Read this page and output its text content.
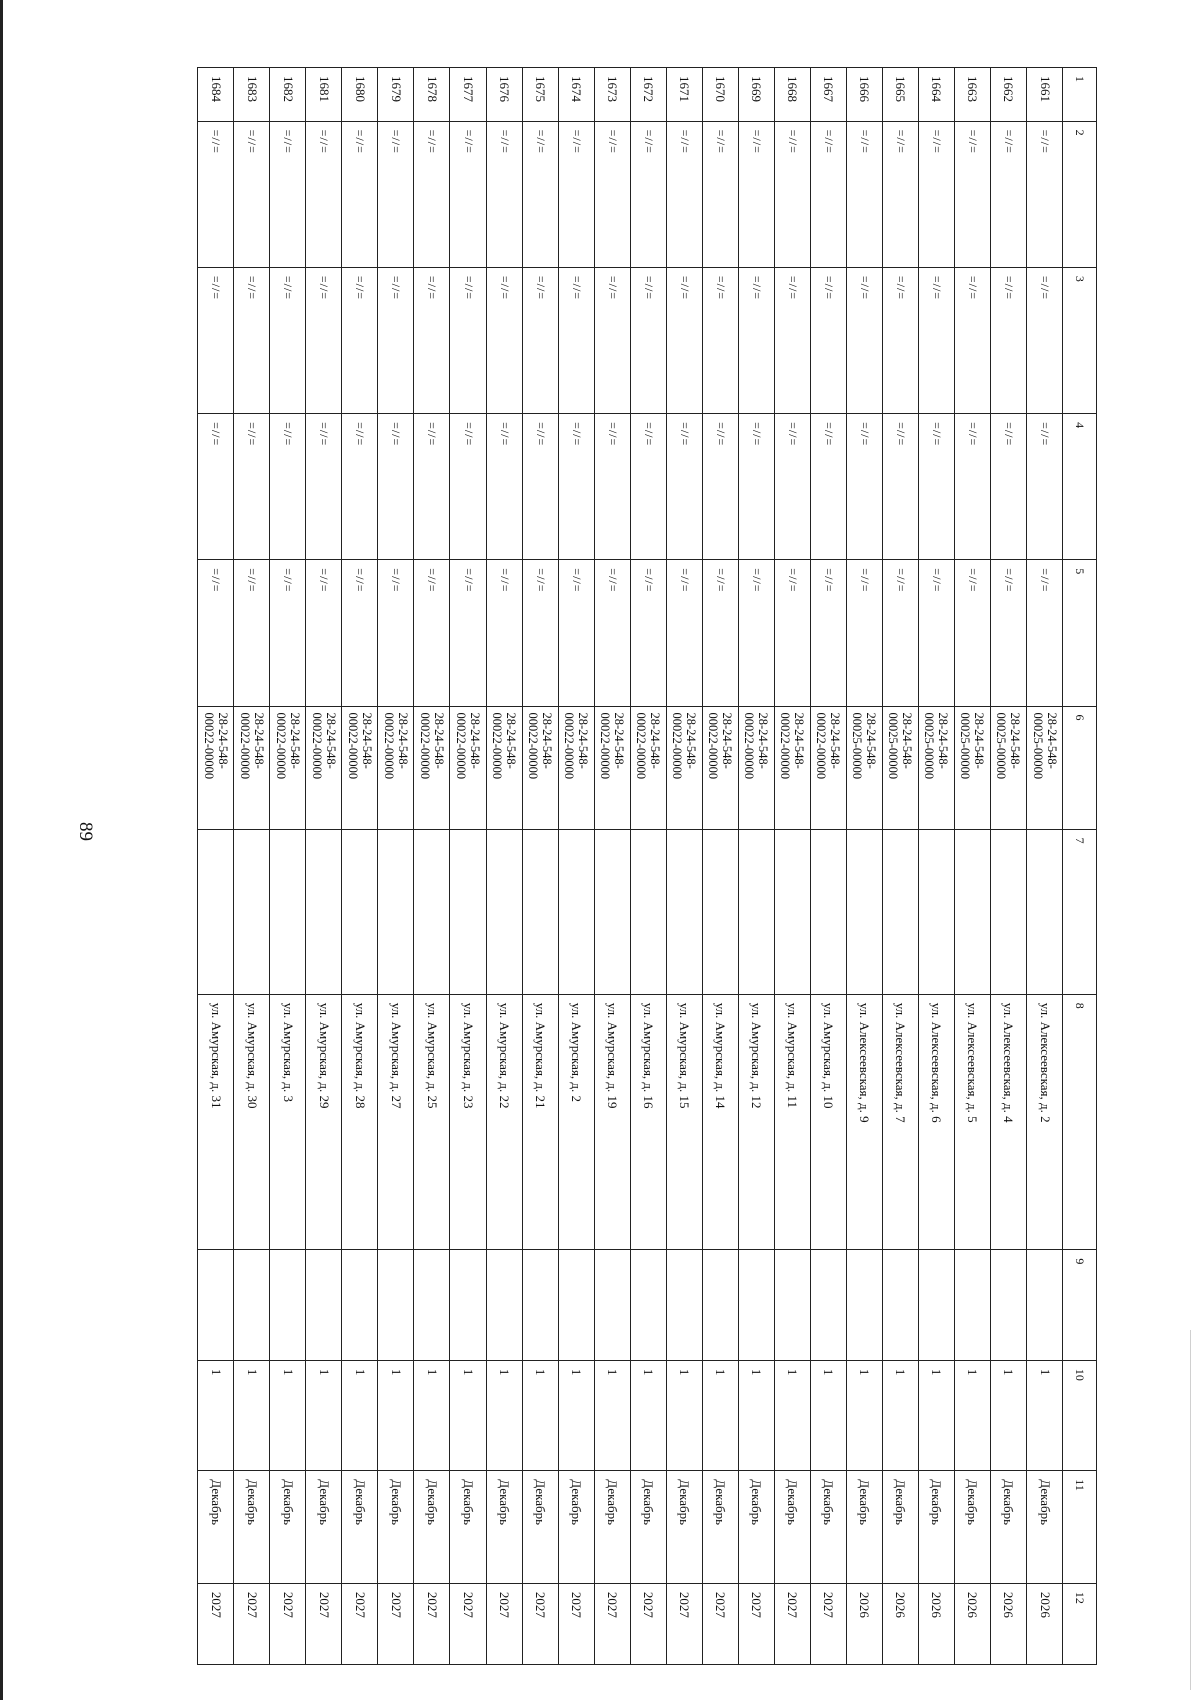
89
1	2	3	4	5	6	7	8	9	10	11	12
1661	=//=	=//=	=//=	=//=	28-24-548-
00025-00000		ул. Алексеевская, д. 2		1	Декабрь	2026
1662	=//=	=//=	=//=	=//=	28-24-548-
00025-00000		ул. Алексеевская, д. 4		1	Декабрь	2026
1663	=//=	=//=	=//=	=//=	28-24-548-
00025-00000		ул. Алексеевская, д. 5		1	Декабрь	2026
1664	=//=	=//=	=//=	=//=	28-24-548-
00025-00000		ул. Алексеевская, д. 6		1	Декабрь	2026
1665	=//=	=//=	=//=	=//=	28-24-548-
00025-00000		ул. Алексеевская, д. 7		1	Декабрь	2026
1666	=//=	=//=	=//=	=//=	28-24-548-
00025-00000		ул. Алексеевская, д. 9		1	Декабрь	2026
1667	=//=	=//=	=//=	=//=	28-24-548-
00022-00000		ул. Амурская, д. 10		1	Декабрь	2027
1668	=//=	=//=	=//=	=//=	28-24-548-
00022-00000		ул. Амурская, д. 11		1	Декабрь	2027
1669	=//=	=//=	=//=	=//=	28-24-548-
00022-00000		ул. Амурская, д. 12		1	Декабрь	2027
1670	=//=	=//=	=//=	=//=	28-24-548-
00022-00000		ул. Амурская, д. 14		1	Декабрь	2027
1671	=//=	=//=	=//=	=//=	28-24-548-
00022-00000		ул. Амурская, д. 15		1	Декабрь	2027
1672	=//=	=//=	=//=	=//=	28-24-548-
00022-00000		ул. Амурская, д. 16		1	Декабрь	2027
1673	=//=	=//=	=//=	=//=	28-24-548-
00022-00000		ул. Амурская, д. 19		1	Декабрь	2027
1674	=//=	=//=	=//=	=//=	28-24-548-
00022-00000		ул. Амурская, д. 2		1	Декабрь	2027
1675	=//=	=//=	=//=	=//=	28-24-548-
00022-00000		ул. Амурская, д. 21		1	Декабрь	2027
1676	=//=	=//=	=//=	=//=	28-24-548-
00022-00000		ул. Амурская, д. 22		1	Декабрь	2027
1677	=//=	=//=	=//=	=//=	28-24-548-
00022-00000		ул. Амурская, д. 23		1	Декабрь	2027
1678	=//=	=//=	=//=	=//=	28-24-548-
00022-00000		ул. Амурская, д. 25		1	Декабрь	2027
1679	=//=	=//=	=//=	=//=	28-24-548-
00022-00000		ул. Амурская, д. 27		1	Декабрь	2027
1680	=//=	=//=	=//=	=//=	28-24-548-
00022-00000		ул. Амурская, д. 28		1	Декабрь	2027
1681	=//=	=//=	=//=	=//=	28-24-548-
00022-00000		ул. Амурская, д. 29		1	Декабрь	2027
1682	=//=	=//=	=//=	=//=	28-24-548-
00022-00000		ул. Амурская, д. 3		1	Декабрь	2027
1683	=//=	=//=	=//=	=//=	28-24-548-
00022-00000		ул. Амурская, д. 30		1	Декабрь	2027
1684	=//=	=//=	=//=	=//=	28-24-548-
00022-00000		ул. Амурская, д. 31		1	Декабрь	2027
